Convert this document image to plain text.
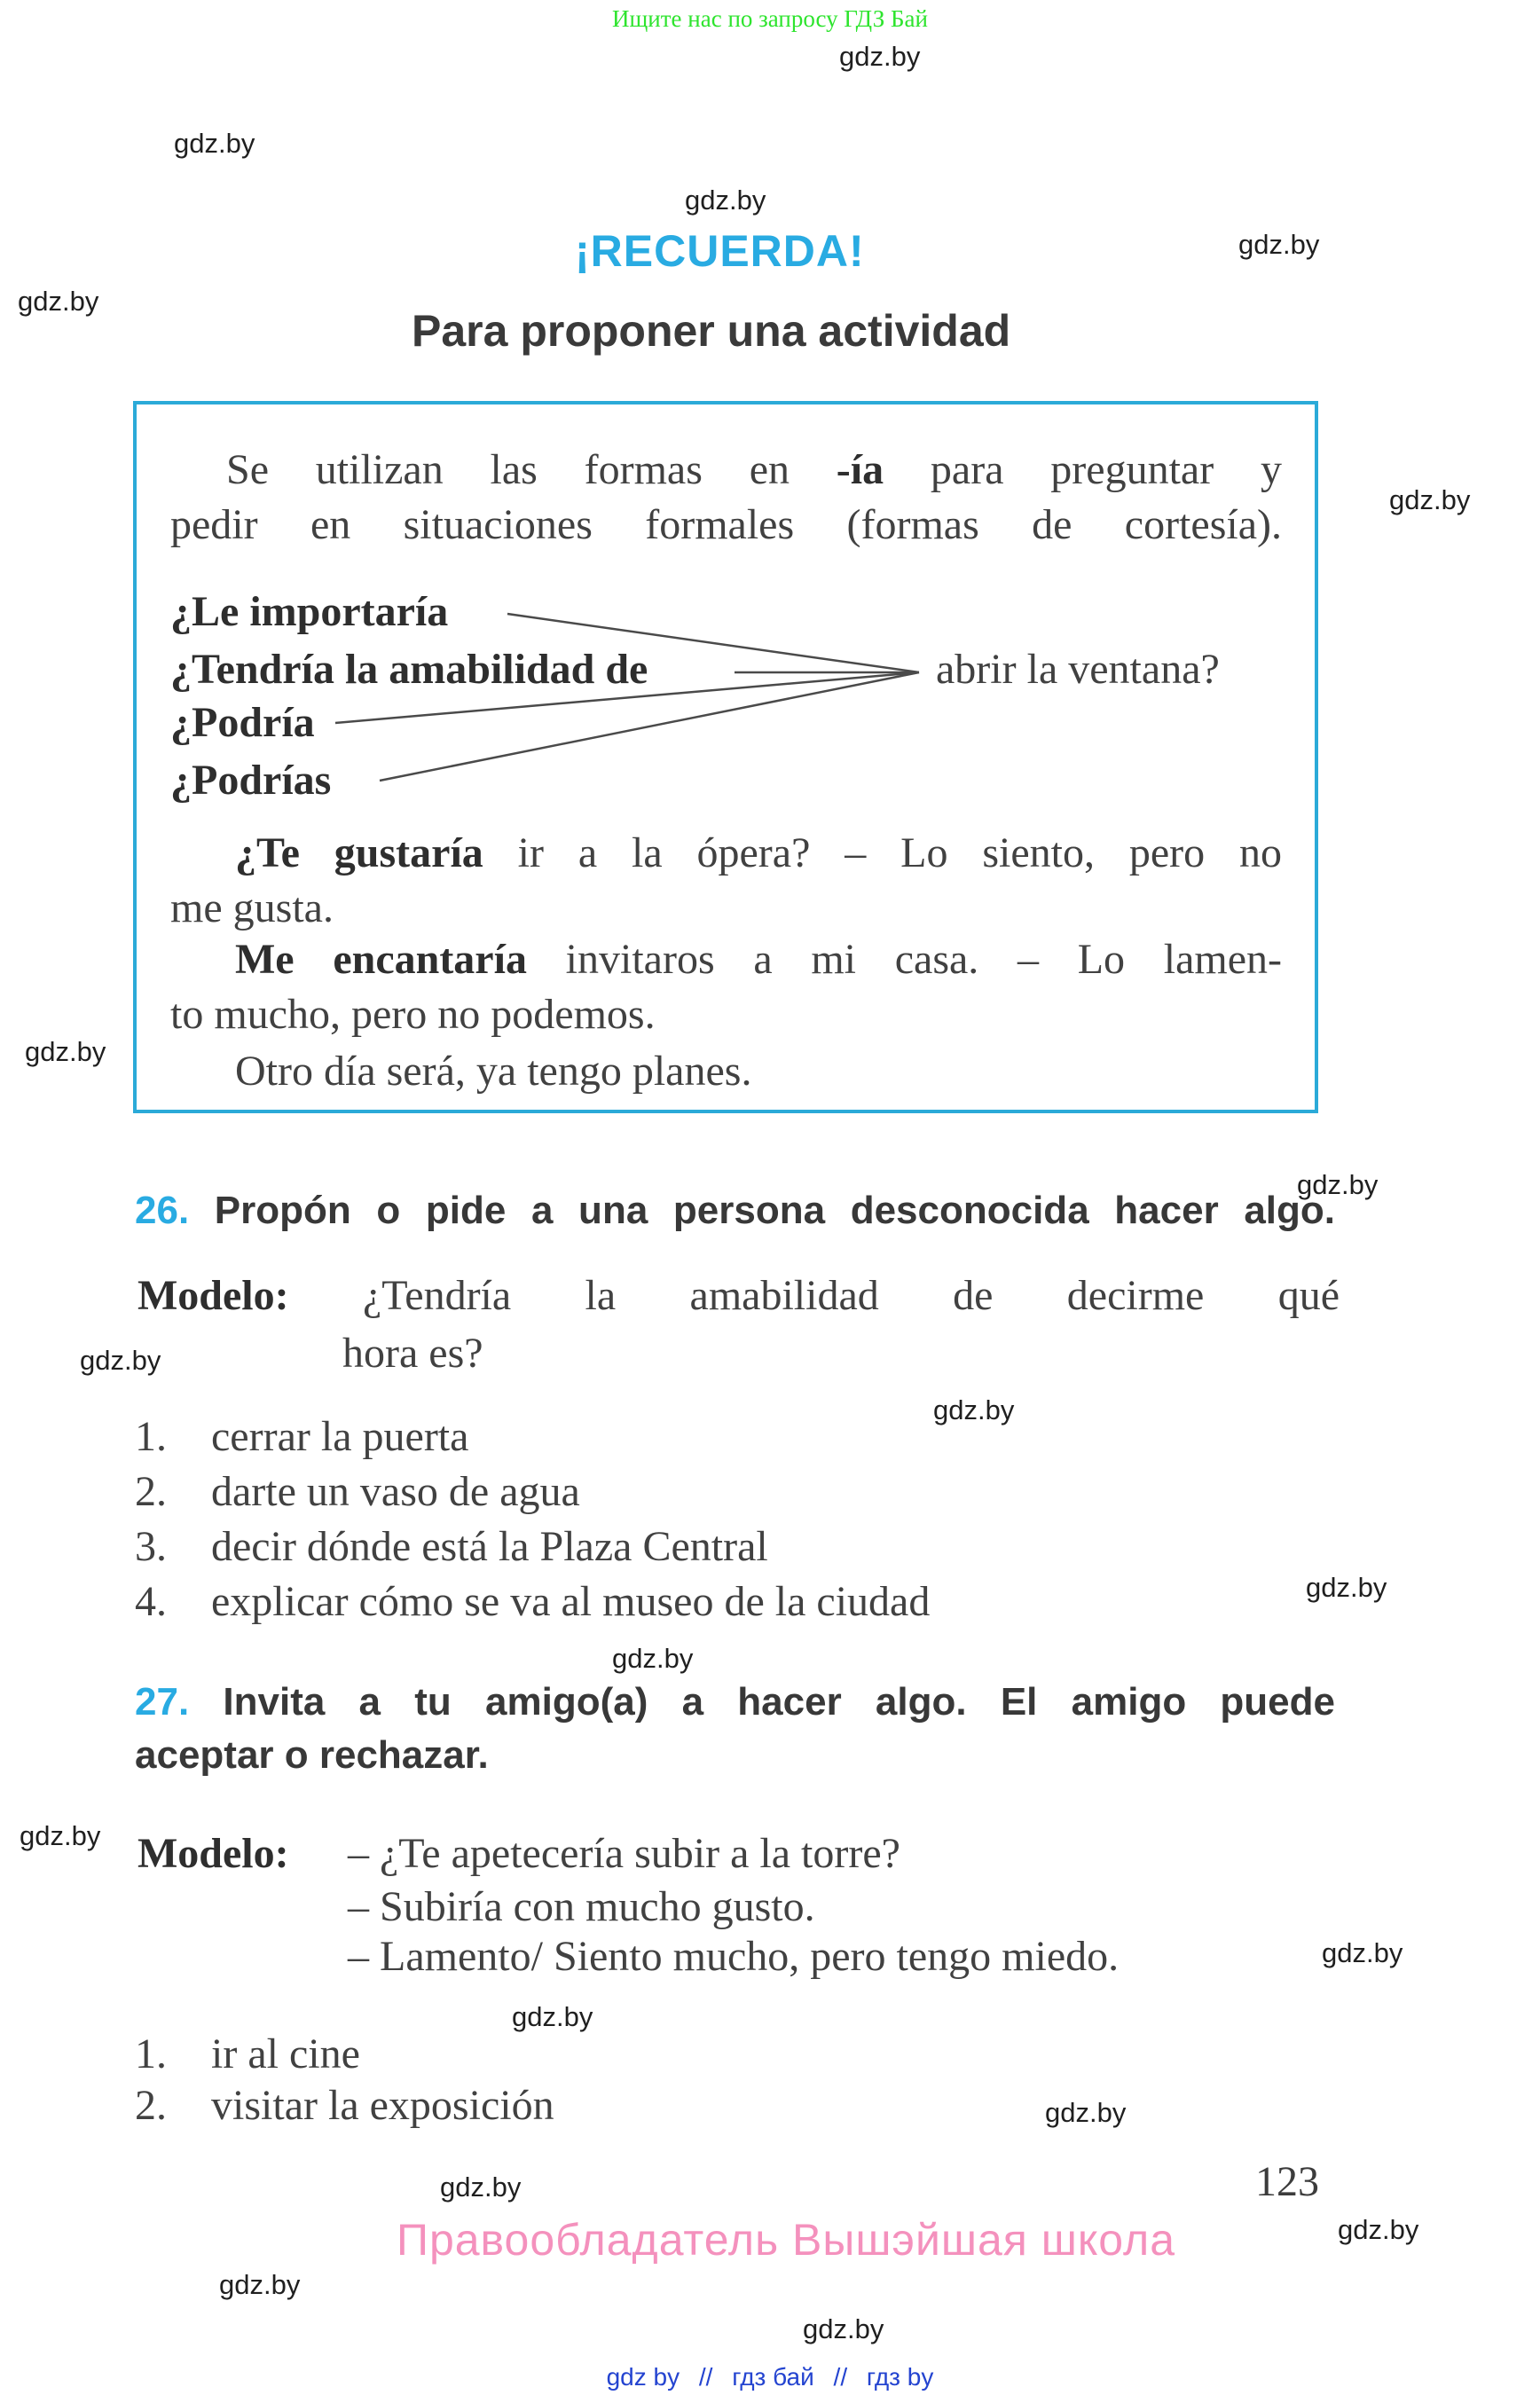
Ищите нас по запросу ГДЗ Бай
gdz.by
gdz.by
gdz.by
gdz.by
gdz.by
gdz.by
gdz.by
gdz.by
gdz.by
gdz.by
gdz.by
gdz.by
gdz.by
gdz.by
gdz.by
gdz.by
gdz.by
gdz.by
gdz.by
gdz.by
¡RECUERDA!
Para proponer una actividad
Se utilizan las formas en -ía para preguntar y
pedir en situaciones formales (formas de cortesía).
¿Le importaría
¿Tendría la amabilidad de
¿Podría
¿Podrías
abrir la ventana?
¿Te gustaría ir a la ópera? – Lo siento, pero no
me gusta.
Me encantaría invitaros a mi casa. – Lo lamen-
to mucho, pero no podemos.
Otro día será, ya tengo planes.
26. Propón o pide a una persona desconocida hacer algo.
Modelo: ¿Tendría la amabilidad de decirme qué
hora es?
1. cerrar la puerta
2. darte un vaso de agua
3. decir dónde está la Plaza Central
4. explicar cómo se va al museo de la ciudad
27. Invita a tu amigo(a) a hacer algo. El amigo puede
aceptar o rechazar.
Modelo: – ¿Te apetecería subir a la torre?
– Subiría con mucho gusto.
– Lamento/ Siento mucho, pero tengo miedo.
1. ir al cine
2. visitar la exposición
123
Правообладатель Вышэйшая школа
gdz by // гдз бай // гдз by
